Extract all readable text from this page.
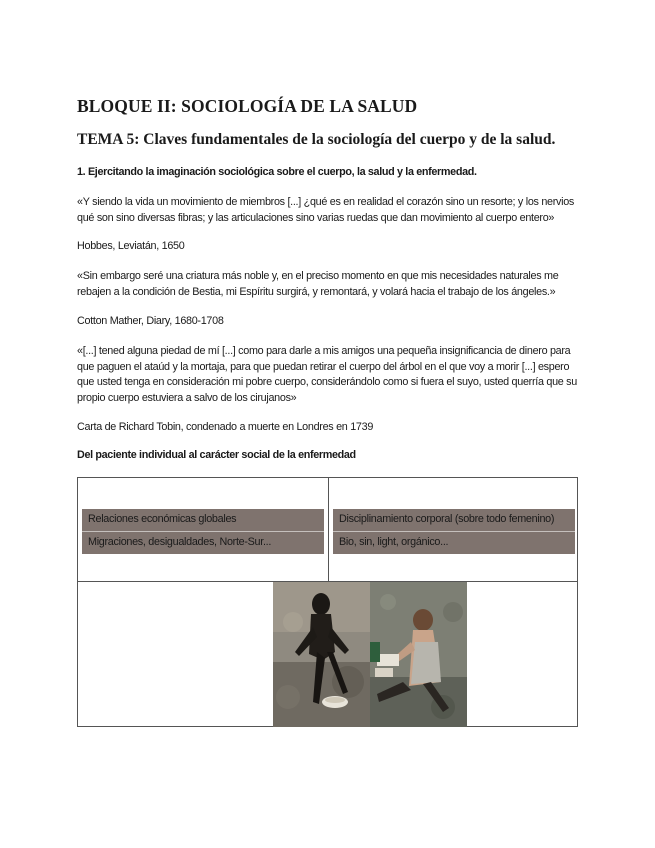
BLOQUE II: SOCIOLOGÍA DE LA SALUD
TEMA 5: Claves fundamentales de la sociología del cuerpo y de la salud.
1. Ejercitando la imaginación sociológica sobre el cuerpo, la salud y la enfermedad.
«Y siendo la vida un movimiento de miembros [...] ¿qué es en realidad el corazón sino un resorte; y los nervios qué son sino diversas fibras; y las articulaciones sino varias ruedas que dan movimiento al cuerpo entero»
Hobbes, Leviatán, 1650
«Sin embargo seré una criatura más noble y, en el preciso momento en que mis necesidades naturales me rebajen a la condición de Bestia, mi Espíritu surgirá, y remontará, y volará hacia el trabajo de los ángeles.»
Cotton Mather, Diary, 1680-1708
«[...] tened alguna piedad de mí [...] como para darle a mis amigos una pequeña insignificancia de dinero para que paguen el ataúd y la mortaja, para que puedan retirar el cuerpo del árbol en el que voy a morir [...] espero que usted tenga en consideración mi pobre cuerpo, considerándolo como si fuera el suyo, usted querría que su propio cuerpo estuviera a salvo de los cirujanos»
Carta de Richard Tobin, condenado a muerte en Londres en 1739
Del paciente individual al carácter social de la enfermedad
Relaciones económicas globales
Migraciones, desigualdades, Norte-Sur...
Disciplinamiento corporal (sobre todo femenino)
Bio, sin, light, orgánico...
